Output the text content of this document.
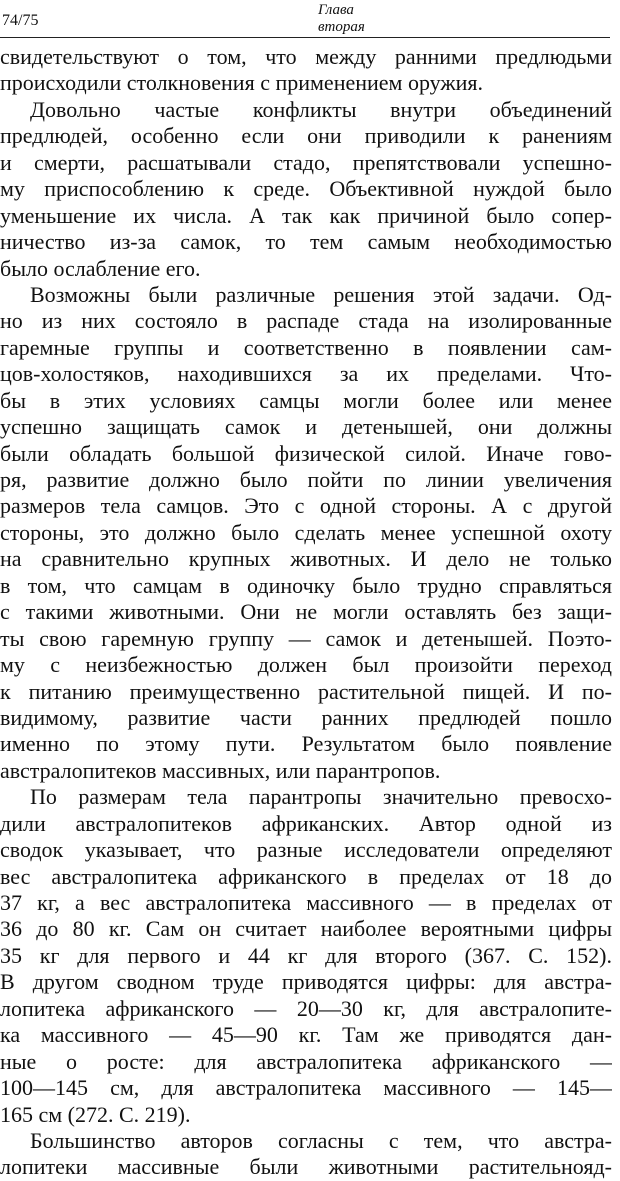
74/75
Глава
вторая
свидетельствуют о том, что между ранними предлюдьми
происходили столкновения с применением оружия.
Довольно частые конфликты внутри объединений
предлюдей, особенно если они приводили к ранениям
и смерти, расшатывали стадо, препятствовали успешно-
му приспособлению к среде. Объективной нуждой было
уменьшение их числа. А так как причиной было сопер-
ничество из-за самок, то тем самым необходимостью
было ослабление его.
Возможны были различные решения этой задачи. Од-
но из них состояло в распаде стада на изолированные
гаремные группы и соответственно в появлении сам-
цов-холостяков, находившихся за их пределами. Что-
бы в этих условиях самцы могли более или менее
успешно защищать самок и детенышей, они должны
были обладать большой физической силой. Иначе гово-
ря, развитие должно было пойти по линии увеличения
размеров тела самцов. Это с одной стороны. А с другой
стороны, это должно было сделать менее успешной охоту
на сравнительно крупных животных. И дело не только
в том, что самцам в одиночку было трудно справляться
с такими животными. Они не могли оставлять без защи-
ты свою гаремную группу — самок и детенышей. Поэто-
му с неизбежностью должен был произойти переход
к питанию преимущественно растительной пищей. И по-
видимому, развитие части ранних предлюдей пошло
именно по этому пути. Результатом было появление
австралопитеков массивных, или парантропов.
По размерам тела парантропы значительно превосхо-
дили австралопитеков африканских. Автор одной из
сводок указывает, что разные исследователи определяют
вес австралопитека африканского в пределах от 18 до
37 кг, а вес австралопитека массивного — в пределах от
36 до 80 кг. Сам он считает наиболее вероятными цифры
35 кг для первого и 44 кг для второго (367. С. 152).
В другом сводном труде приводятся цифры: для австра-
лопитека африканского — 20—30 кг, для австралопите-
ка массивного — 45—90 кг. Там же приводятся дан-
ные о росте: для австралопитека африканского —
100—145 см, для австралопитека массивного — 145—
165 см (272. С. 219).
Большинство авторов согласны с тем, что австра-
лопитеки массивные были животными растительнояд-
